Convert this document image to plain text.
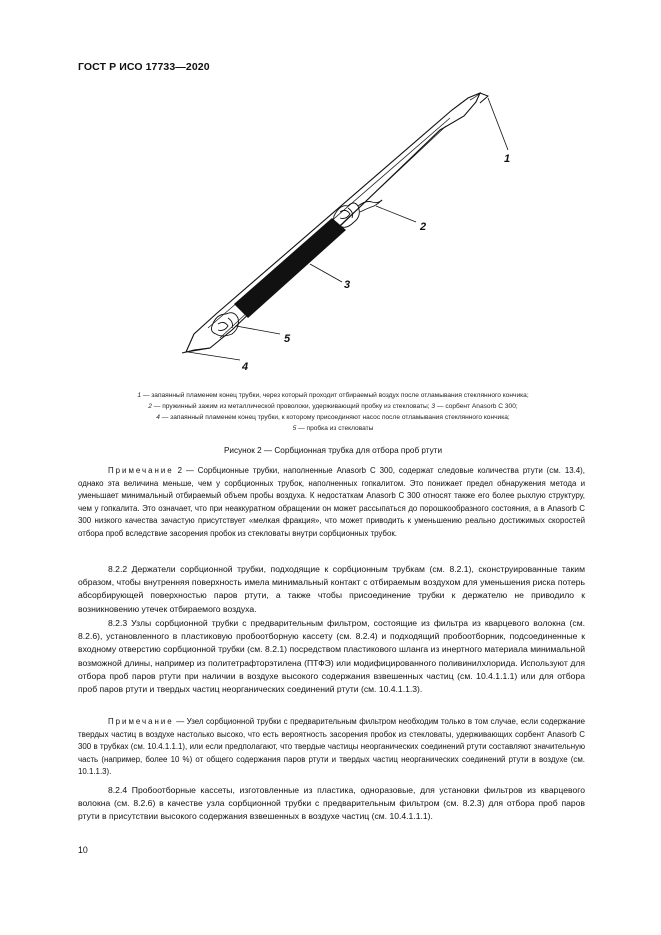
ГОСТ Р ИСО 17733—2020
1
2
3
4
5
1 — запаянный пламенем конец трубки, через который проходит отбираемый воздух после отламывания стеклянного кончика;
2 — пружинный зажим из металлической проволоки, удерживающий пробку из стекловаты; 3 — сорбент Anasorb С 300;
4 — запаянный пламенем конец трубки, к которому присоединяют насос после отламывания стеклянного кончика;
5 — пробка из стекловаты
Рисунок 2 — Сорбционная трубка для отбора проб ртути
Примечание 2 — Сорбционные трубки, наполненные Anasorb С 300, содержат следовые количества ртути (см. 13.4), однако эта величина меньше, чем у сорбционных трубок, наполненных гопкалитом. Это понижает предел обнаружения метода и уменьшает минимальный отбираемый объем пробы воздуха. К недостаткам Anasorb С 300 относят также его более рыхлую структуру, чем у гопкалита. Это означает, что при неаккуратном обращении он может рассыпаться до порошкообразного состояния, а в Anasorb С 300 низкого качества зачастую присутствует «мелкая фракция», что может приводить к уменьшению реально достижимых скоростей отбора проб вследствие засорения пробок из стекловаты внутри сорбционных трубок.
8.2.2 Держатели сорбционной трубки, подходящие к сорбционным трубкам (см. 8.2.1), сконструированные таким образом, чтобы внутренняя поверхность имела минимальный контакт с отбираемым воздухом для уменьшения риска потерь абсорбирующей поверхностью паров ртути, а также чтобы присоединение трубки к держателю не приводило к возникновению утечек отбираемого воздуха.
8.2.3 Узлы сорбционной трубки с предварительным фильтром, состоящие из фильтра из кварцевого волокна (см. 8.2.6), установленного в пластиковую пробоотборную кассету (см. 8.2.4) и подходящий пробоотборник, подсоединенные к входному отверстию сорбционной трубки (см. 8.2.1) посредством пластикового шланга из инертного материала минимальной возможной длины, например из политетрафторэтилена (ПТФЭ) или модифицированного поливинилхлорида. Используют для отбора проб паров ртути при наличии в воздухе высокого содержания взвешенных частиц (см. 10.4.1.1.1) или для отбора проб паров ртути и твердых частиц неорганических соединений ртути (см. 10.4.1.1.3).
Примечание — Узел сорбционной трубки с предварительным фильтром необходим только в том случае, если содержание твердых частиц в воздухе настолько высоко, что есть вероятность засорения пробок из стекловаты, удерживающих сорбент Anasorb С 300 в трубках (см. 10.4.1.1.1), или если предполагают, что твердые частицы неорганических соединений ртути составляют значительную часть (например, более 10 %) от общего содержания паров ртути и твердых частиц неорганических соединений ртути в воздухе (см. 10.1.1.3).
8.2.4 Пробоотборные кассеты, изготовленные из пластика, одноразовые, для установки фильтров из кварцевого волокна (см. 8.2.6) в качестве узла сорбционной трубки с предварительным фильтром (см. 8.2.3) для отбора проб паров ртути в присутствии высокого содержания взвешенных в воздухе частиц (см. 10.4.1.1.1).
10
